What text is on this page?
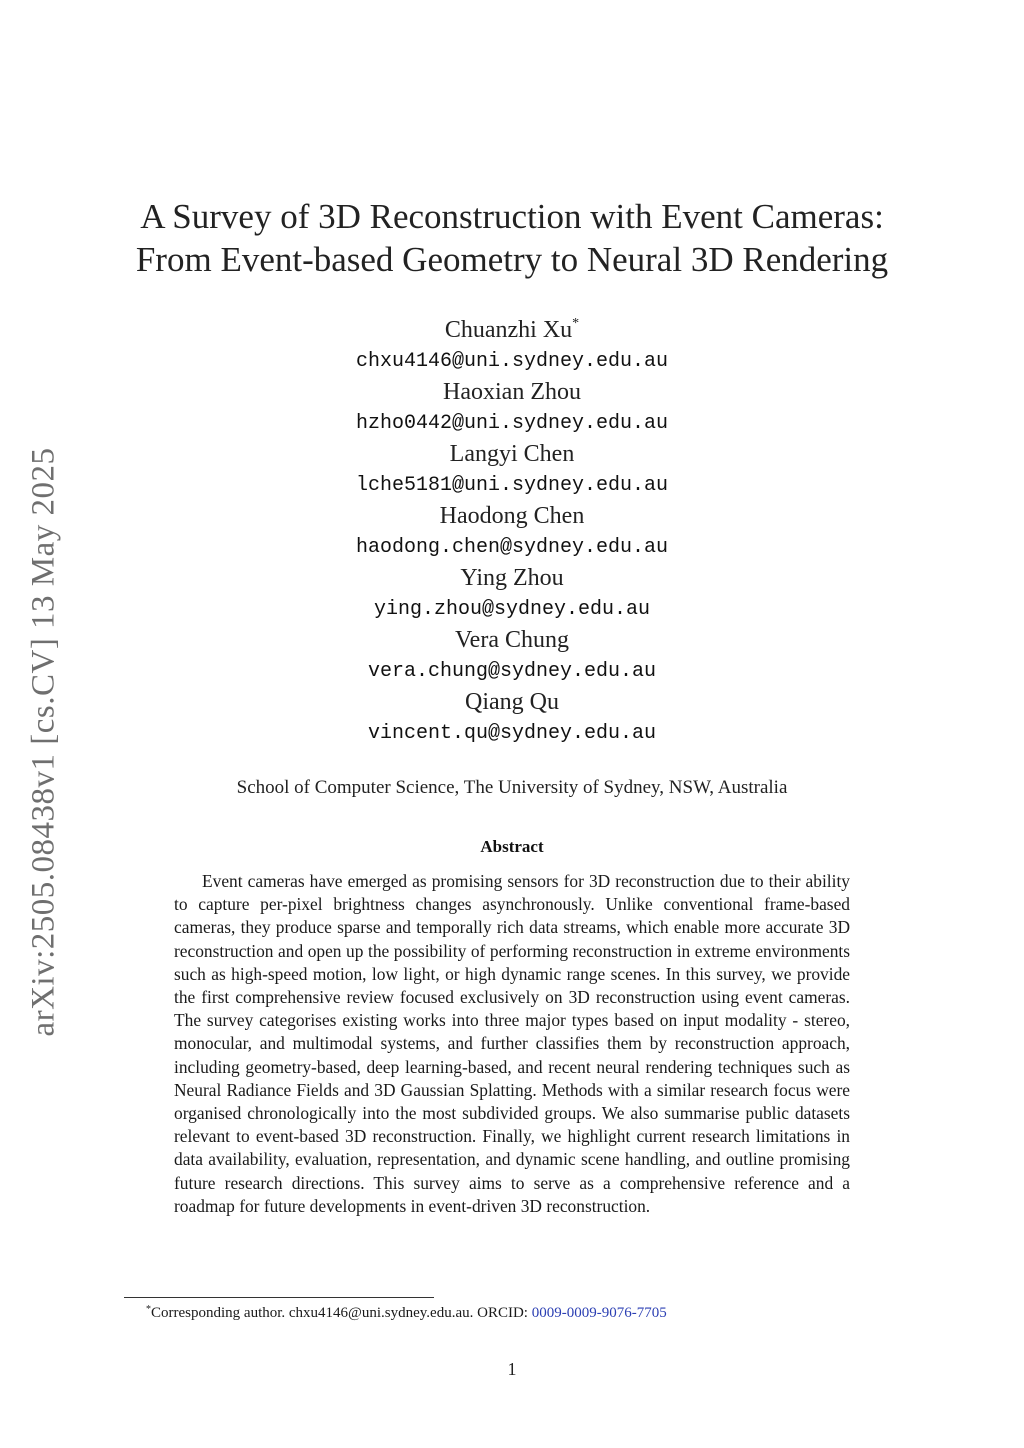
arXiv:2505.08438v1 [cs.CV] 13 May 2025
A Survey of 3D Reconstruction with Event Cameras:
From Event-based Geometry to Neural 3D Rendering
Chuanzhi Xu*
chxu4146@uni.sydney.edu.au
Haoxian Zhou
hzho0442@uni.sydney.edu.au
Langyi Chen
lche5181@uni.sydney.edu.au
Haodong Chen
haodong.chen@sydney.edu.au
Ying Zhou
ying.zhou@sydney.edu.au
Vera Chung
vera.chung@sydney.edu.au
Qiang Qu
vincent.qu@sydney.edu.au
School of Computer Science, The University of Sydney, NSW, Australia
Abstract

Event cameras have emerged as promising sensors for 3D reconstruction due to their ability to capture per-pixel brightness changes asynchronously. Unlike conventional frame-based cameras, they produce sparse and temporally rich data streams, which enable more accurate 3D reconstruction and open up the possibility of performing reconstruction in extreme environments such as high-speed motion, low light, or high dynamic range scenes. In this survey, we provide the first comprehensive review focused exclusively on 3D reconstruction using event cameras. The survey categorises existing works into three major types based on input modality - stereo, monocular, and multimodal systems, and further classifies them by reconstruction approach, including geometry-based, deep learning-based, and recent neural rendering techniques such as Neural Radiance Fields and 3D Gaussian Splatting. Methods with a similar research focus were organised chronologically into the most subdivided groups. We also summarise public datasets relevant to event-based 3D reconstruction. Finally, we highlight current research limitations in data availability, evaluation, representation, and dynamic scene handling, and outline promising future research directions. This survey aims to serve as a comprehensive reference and a roadmap for future developments in event-driven 3D reconstruction.

*Corresponding author. chxu4146@uni.sydney.edu.au. ORCID: 0009-0009-9076-7705
1
